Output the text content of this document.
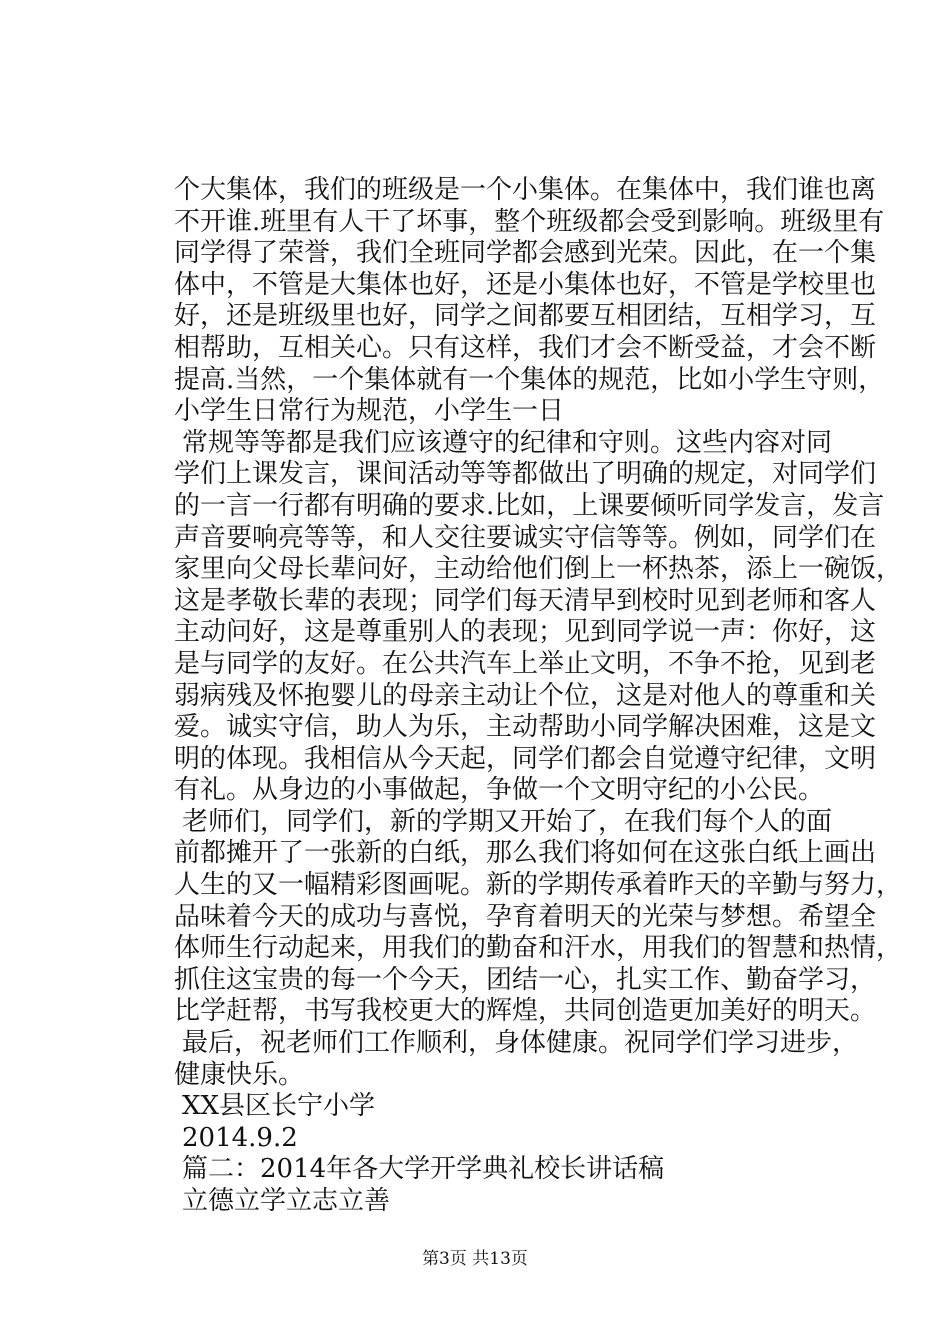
个大集体，我们的班级是一个小集体。在集体中，我们谁也离
不开谁.班里有人干了坏事，整个班级都会受到影响。班级里有
同学得了荣誉，我们全班同学都会感到光荣。因此，在一个集
体中，不管是大集体也好，还是小集体也好，不管是学校里也
好，还是班级里也好，同学之间都要互相团结，互相学习，互
相帮助，互相关心。只有这样，我们才会不断受益，才会不断
提高.当然，一个集体就有一个集体的规范，比如小学生守则，
小学生日常行为规范，小学生一日
常规等等都是我们应该遵守的纪律和守则。这些内容对同
学们上课发言，课间活动等等都做出了明确的规定，对同学们
的一言一行都有明确的要求.比如，上课要倾听同学发言，发言
声音要响亮等等，和人交往要诚实守信等等。例如，同学们在
家里向父母长辈问好，主动给他们倒上一杯热茶，添上一碗饭，
这是孝敬长辈的表现；同学们每天清早到校时见到老师和客人
主动问好，这是尊重别人的表现；见到同学说一声：你好，这
是与同学的友好。在公共汽车上举止文明，不争不抢，见到老
弱病残及怀抱婴儿的母亲主动让个位，这是对他人的尊重和关
爱。诚实守信，助人为乐，主动帮助小同学解决困难，这是文
明的体现。我相信从今天起，同学们都会自觉遵守纪律，文明
有礼。从身边的小事做起，争做一个文明守纪的小公民。
老师们，同学们，新的学期又开始了，在我们每个人的面
前都摊开了一张新的白纸，那么我们将如何在这张白纸上画出
人生的又一幅精彩图画呢。新的学期传承着昨天的辛勤与努力，
品味着今天的成功与喜悦，孕育着明天的光荣与梦想。希望全
体师生行动起来，用我们的勤奋和汗水，用我们的智慧和热情，
抓住这宝贵的每一个今天，团结一心，扎实工作、勤奋学习，
比学赶帮，书写我校更大的辉煌，共同创造更加美好的明天。
最后，祝老师们工作顺利，身体健康。祝同学们学习进步，
健康快乐。
XX县区长宁小学
2014.9.2
篇二：2014年各大学开学典礼校长讲话稿
立德立学立志立善
第3页 共13页
